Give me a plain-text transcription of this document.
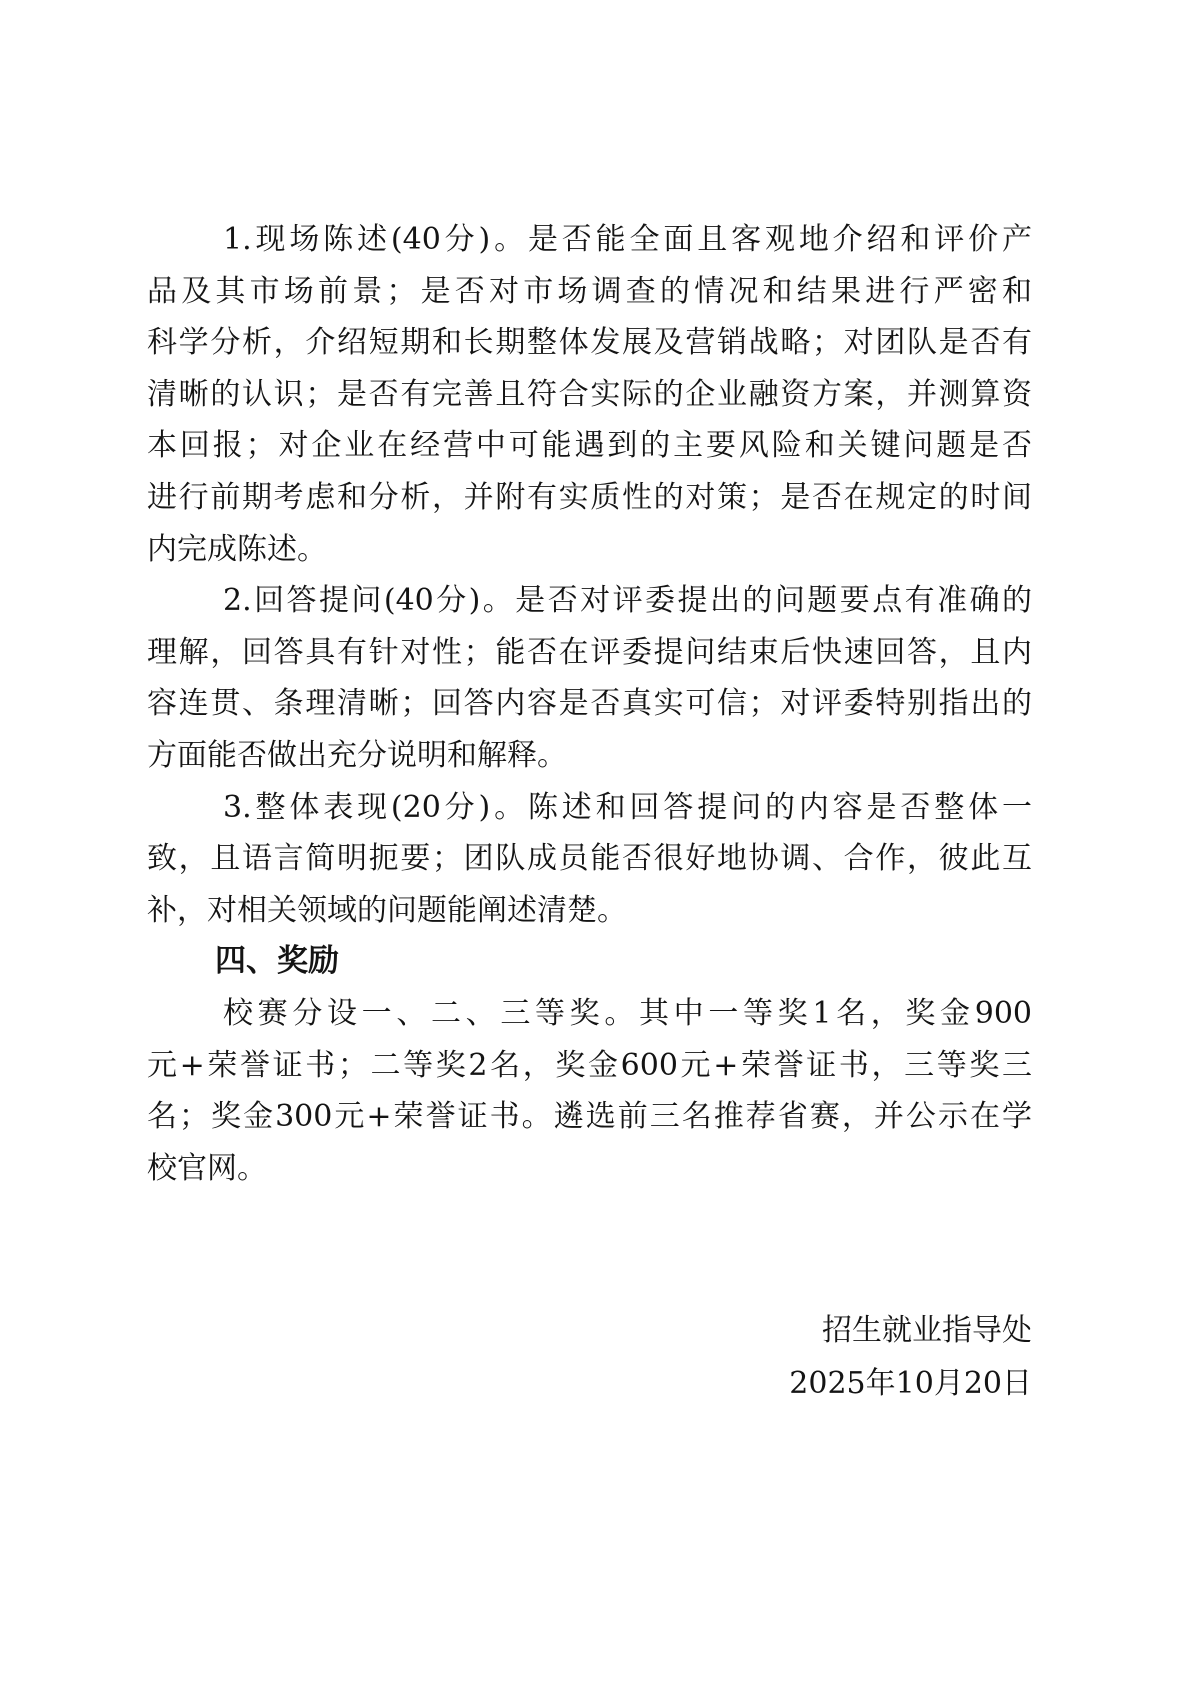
1.现场陈述(40分)。是否能全面且客观地介绍和评价产

品及其市场前景；是否对市场调查的情况和结果进行严密和

科学分析，介绍短期和长期整体发展及营销战略；对团队是否有

清晰的认识；是否有完善且符合实际的企业融资方案，并测算资

本回报；对企业在经营中可能遇到的主要风险和关键问题是否

进行前期考虑和分析，并附有实质性的对策；是否在规定的时间

内完成陈述。

2.回答提问(40分)。是否对评委提出的问题要点有准确的

理解，回答具有针对性；能否在评委提问结束后快速回答，且内

容连贯、条理清晰；回答内容是否真实可信；对评委特别指出的

方面能否做出充分说明和解释。

3.整体表现(20分)。陈述和回答提问的内容是否整体一

致，且语言简明扼要；团队成员能否很好地协调、合作，彼此互

补，对相关领域的问题能阐述清楚。

四、奖励

校赛分设一、二、三等奖。其中一等奖1名，奖金900

元+荣誉证书；二等奖2名，奖金600元+荣誉证书，三等奖三

名；奖金300元+荣誉证书。遴选前三名推荐省赛，并公示在学

校官网。

招生就业指导处

2025年10月20日
